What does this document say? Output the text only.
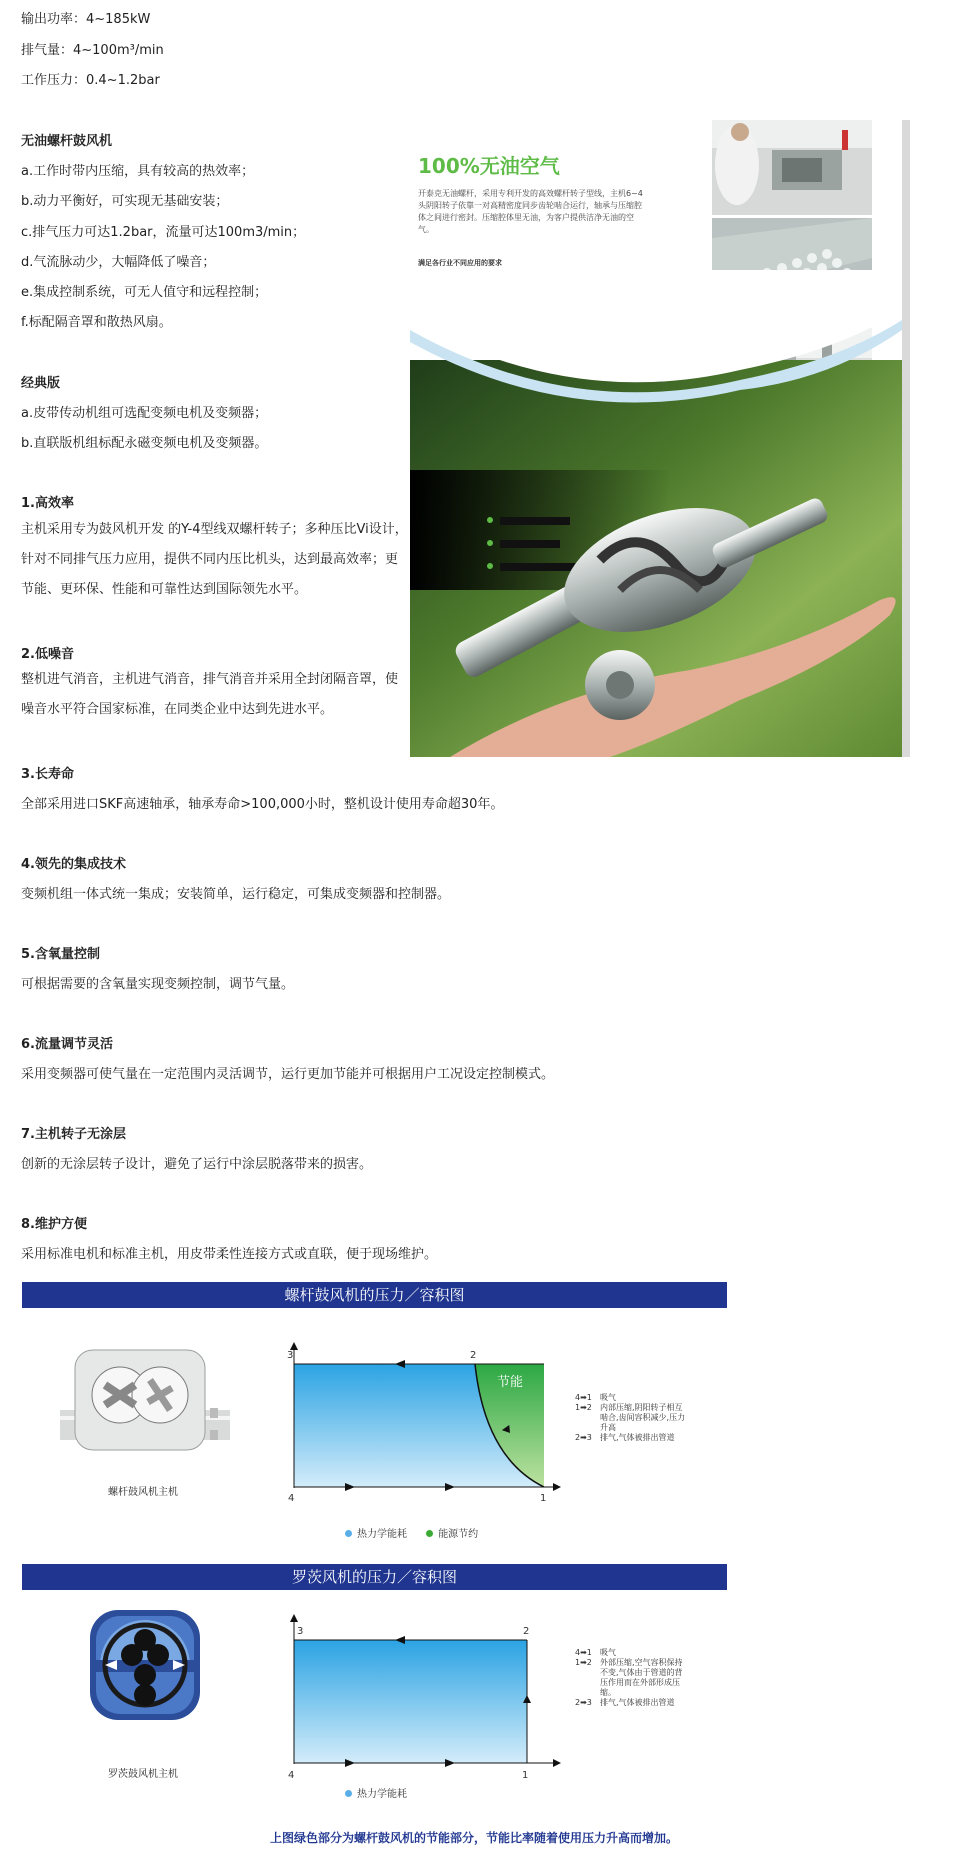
输出功率：4~185kW
排气量：4~100m³/min
工作压力：0.4~1.2bar
无油螺杆鼓风机
a.工作时带内压缩，具有较高的热效率；
b.动力平衡好，可实现无基础安装；
c.排气压力可达1.2bar，流量可达100m3/min；
d.气流脉动少，大幅降低了噪音；
e.集成控制系统，可无人值守和远程控制；
f.标配隔音罩和散热风扇。
经典版
a.皮带传动机组可选配变频电机及变频器；
b.直联版机组标配永磁变频电机及变频器。
1.高效率
主机采用专为鼓风机开发 的Y-4型线双螺杆转子；多种压比Vi设计，针对不同排气压力应用，提供不同内压比机头，达到最高效率；更节能、更环保、性能和可靠性达到国际领先水平。
2.低噪音
整机进气消音，主机进气消音，排气消音并采用全封闭隔音罩，使噪音水平符合国家标准，在同类企业中达到先进水平。
3.长寿命
全部采用进口SKF高速轴承，轴承寿命>100,000小时，整机设计使用寿命超30年。
4.领先的集成技术
变频机组一体式统一集成；安装简单，运行稳定，可集成变频器和控制器。
5.含氧量控制
可根据需要的含氧量实现变频控制，调节气量。
6.流量调节灵活
采用变频器可使气量在一定范围内灵活调节，运行更加节能并可根据用户工况设定控制模式。
7.主机转子无涂层
创新的无涂层转子设计，避免了运行中涂层脱落带来的损害。
8.维护方便
采用标准电机和标准主机，用皮带柔性连接方式或直联，便于现场维护。
100%无油空气
开泰克无油螺杆，采用专利开发的高效螺杆转子型线，主机6~4 头阴阳转子依靠一对高精密度同步齿轮啮合运行，轴承与压缩腔体之间进行密封。压缩腔体里无油，为客户提供洁净无油的空气。
满足各行业不同应用的要求
螺杆鼓风机的压力／容积图
螺杆鼓风机主机
3	2
4	1
节能
热力学能耗	能源节约
4➡1 吸气
1➡2	内部压缩,阴阳转子相互啮合,齿间容积减少,压力升高
2➡3 排气,气体被排出管道
罗茨风机的压力／容积图
罗茨鼓风机主机
3	2
4	1
热力学能耗
4➡1 吸气
1➡2	外部压缩,空气容积保持不变,气体由于管道的背压作用而在外部形成压缩。
2➡3 排气,气体被排出管道
上图绿色部分为螺杆鼓风机的节能部分，节能比率随着使用压力升高而增加。
